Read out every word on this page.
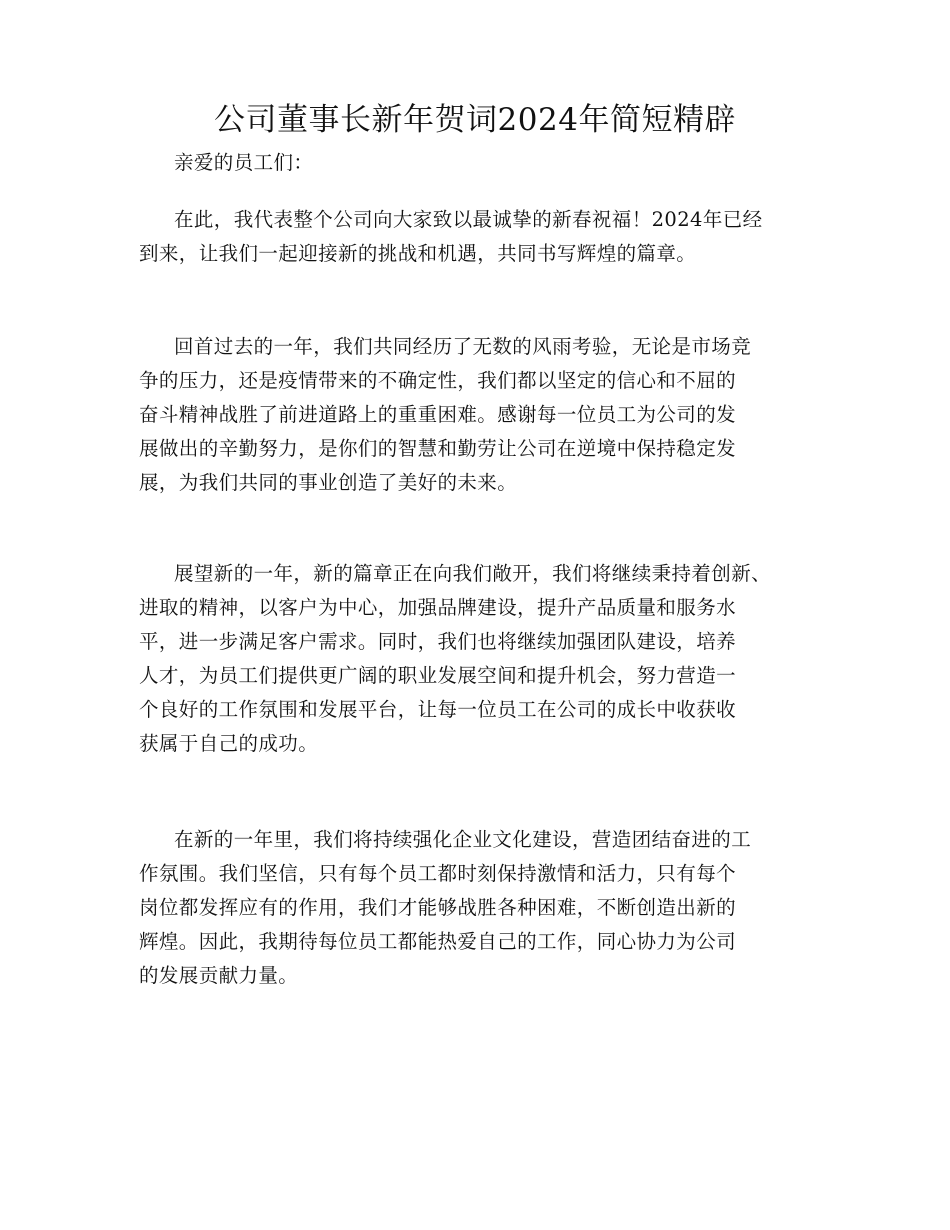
公司董事长新年贺词2024年简短精辟
亲爱的员工们：
在此，我代表整个公司向大家致以最诚挚的新春祝福！2024年已经
到来，让我们一起迎接新的挑战和机遇，共同书写辉煌的篇章。
回首过去的一年，我们共同经历了无数的风雨考验，无论是市场竞
争的压力，还是疫情带来的不确定性，我们都以坚定的信心和不屈的
奋斗精神战胜了前进道路上的重重困难。感谢每一位员工为公司的发
展做出的辛勤努力，是你们的智慧和勤劳让公司在逆境中保持稳定发
展，为我们共同的事业创造了美好的未来。
展望新的一年，新的篇章正在向我们敞开，我们将继续秉持着创新、
进取的精神，以客户为中心，加强品牌建设，提升产品质量和服务水
平，进一步满足客户需求。同时，我们也将继续加强团队建设，培养
人才，为员工们提供更广阔的职业发展空间和提升机会，努力营造一
个良好的工作氛围和发展平台，让每一位员工在公司的成长中收获收
获属于自己的成功。
在新的一年里，我们将持续强化企业文化建设，营造团结奋进的工
作氛围。我们坚信，只有每个员工都时刻保持激情和活力，只有每个
岗位都发挥应有的作用，我们才能够战胜各种困难，不断创造出新的
辉煌。因此，我期待每位员工都能热爱自己的工作，同心协力为公司
的发展贡献力量。
